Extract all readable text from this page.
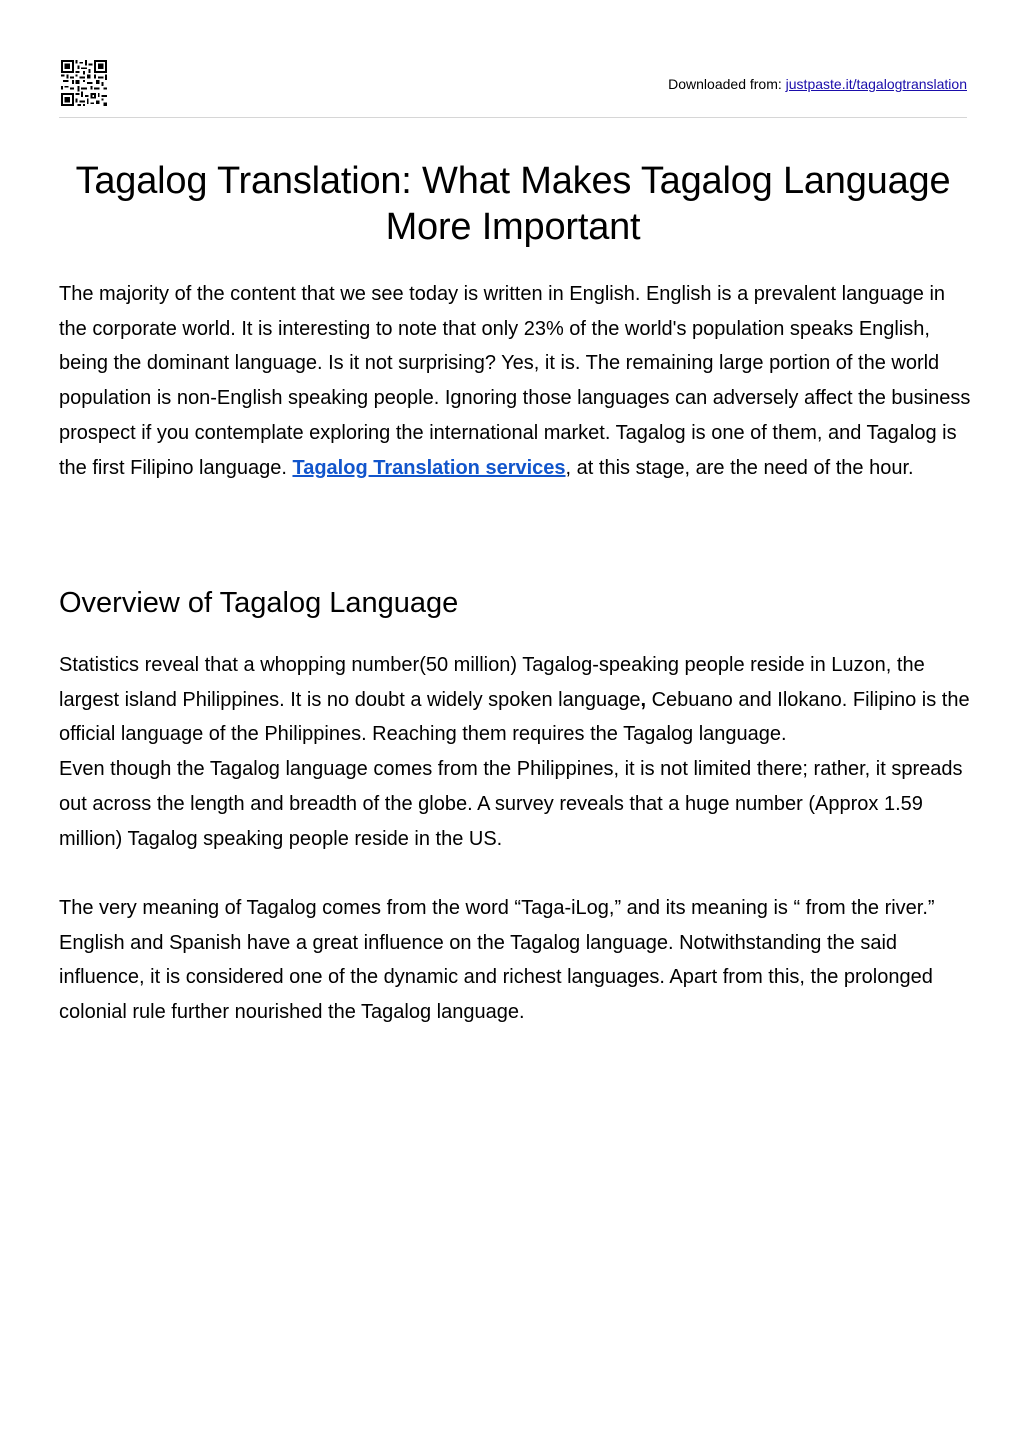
Downloaded from: justpaste.it/tagalogtranslation
Tagalog Translation: What Makes Tagalog Language More Important

The majority of the content that we see today is written in English. English is a prevalent language in the corporate world. It is interesting to note that only 23% of the world's population speaks English, being the dominant language. Is it not surprising? Yes, it is. The remaining large portion of the world population is non-English speaking people. Ignoring those languages can adversely affect the business prospect if you contemplate exploring the international market. Tagalog is one of them, and Tagalog is the first Filipino language. Tagalog Translation services, at this stage, are the need of the hour.

Overview of Tagalog Language

Statistics reveal that a whopping number(50 million) Tagalog-speaking people reside in Luzon, the largest island Philippines. It is no doubt a widely spoken language, Cebuano and Ilokano. Filipino is the official language of the Philippines. Reaching them requires the Tagalog language.

Even though the Tagalog language comes from the Philippines, it is not limited there; rather, it spreads out across the length and breadth of the globe. A survey reveals that a huge number (Approx 1.59 million) Tagalog speaking people reside in the US.

The very meaning of Tagalog comes from the word “Taga-iLog,” and its meaning is “ from the river.” English and Spanish have a great influence on the Tagalog language. Notwithstanding the said influence, it is considered one of the dynamic and richest languages. Apart from this, the prolonged colonial rule further nourished the Tagalog language.
